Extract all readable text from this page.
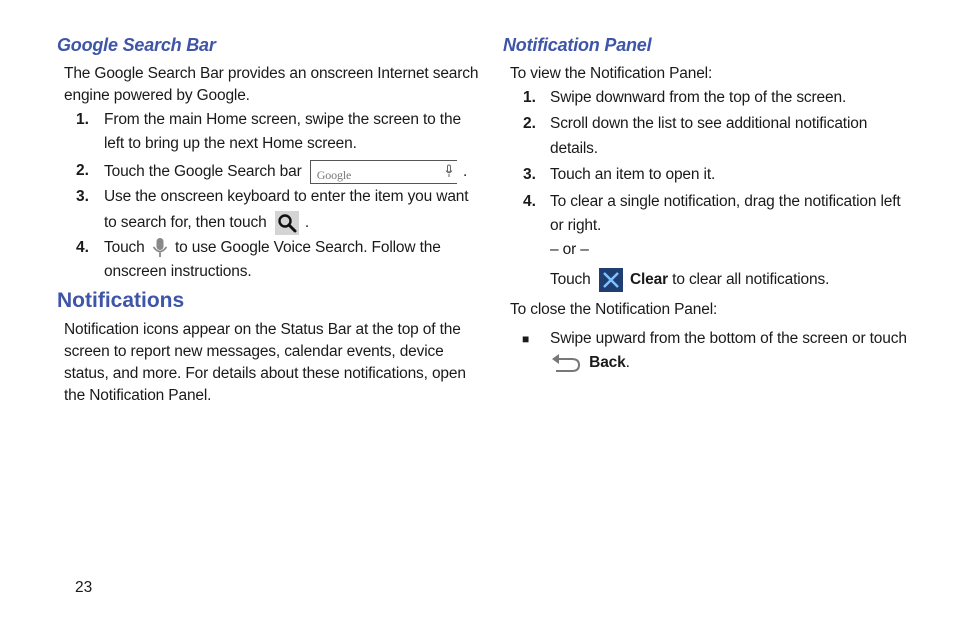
Google Search Bar
The Google Search Bar provides an onscreen Internet search
engine powered by Google.
1. From the main Home screen, swipe the screen to the
left to bring up the next Home screen.
2. Touch the Google Search bar Google	.
3. Use the onscreen keyboard to enter the item you want
to search for, then touch .
4. Touch to use Google Voice Search. Follow the
onscreen instructions.
Notifications
Notification icons appear on the Status Bar at the top of the
screen to report new messages, calendar events, device
status, and more. For details about these notifications, open
the Notification Panel.
Notification Panel
To view the Notification Panel:
1. Swipe downward from the top of the screen.
2. Scroll down the list to see additional notification
details.
3. Touch an item to open it.
4. To clear a single notification, drag the notification left
or right.
– or –
Touch	Clear to clear all notifications.
To close the Notification Panel:
■ Swipe upward from the bottom of the screen or touch
Back.
23
